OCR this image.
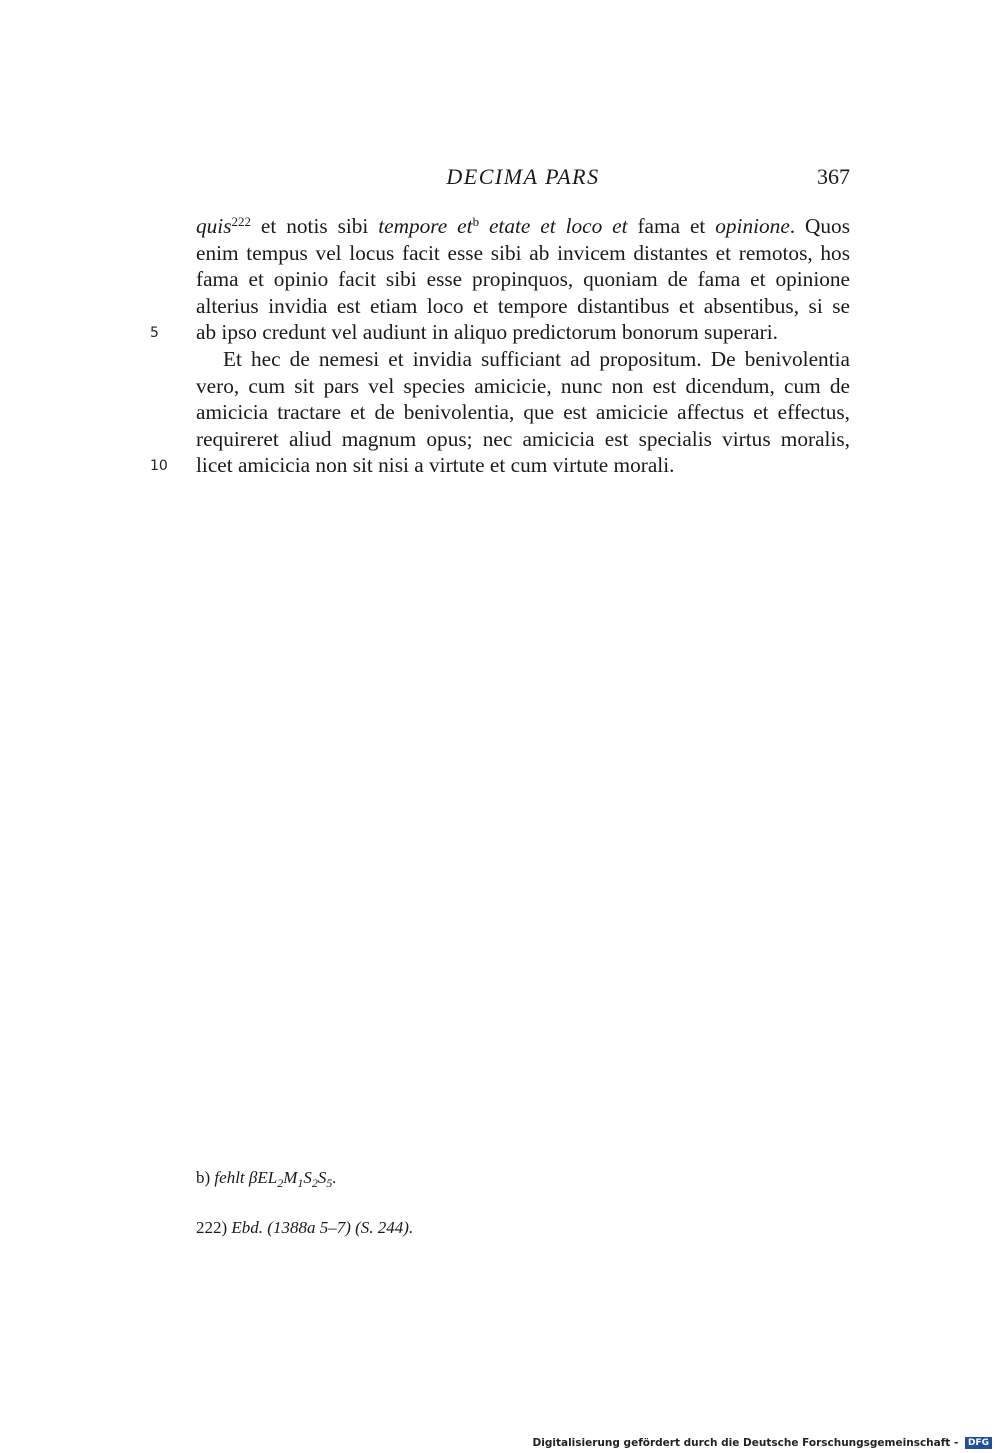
DECIMA PARS	367
quis$^{222}$ et notis sibi tempore $et^b$ etate et loco et fama et opinione. Quos
enim tempus vel locus facit esse sibi ab invicem distantes et remotos, hos
fama et opinio facit sibi esse propinquos, quoniam de fama et opinione
alterius invidia est etiam loco et tempore distantibus et absentibus, si se
5 ab ipso credunt vel audiunt in aliquo predictorum bonorum superari.
Et hec de nemesi et invidia sufficiant ad propositum. De benivolentia
vero, cum sit pars vel species amicicie, nunc non est dicendum, cum de
amicicia tractare et de benivolentia, que est amicicie affectus et effectus,
requireret aliud magnum opus; nec amicicia est specialis virtus moralis,
10 licet amicicia non sit nisi a virtute et cum virtute morali.
b) fehlt $\beta EL_2M_1S_2S_5$.
222) Ebd. (1388a 5–7) (S. 244).
Digitalisierung gefördert durch die Deutsche Forschungsgemeinschaft - DFG
